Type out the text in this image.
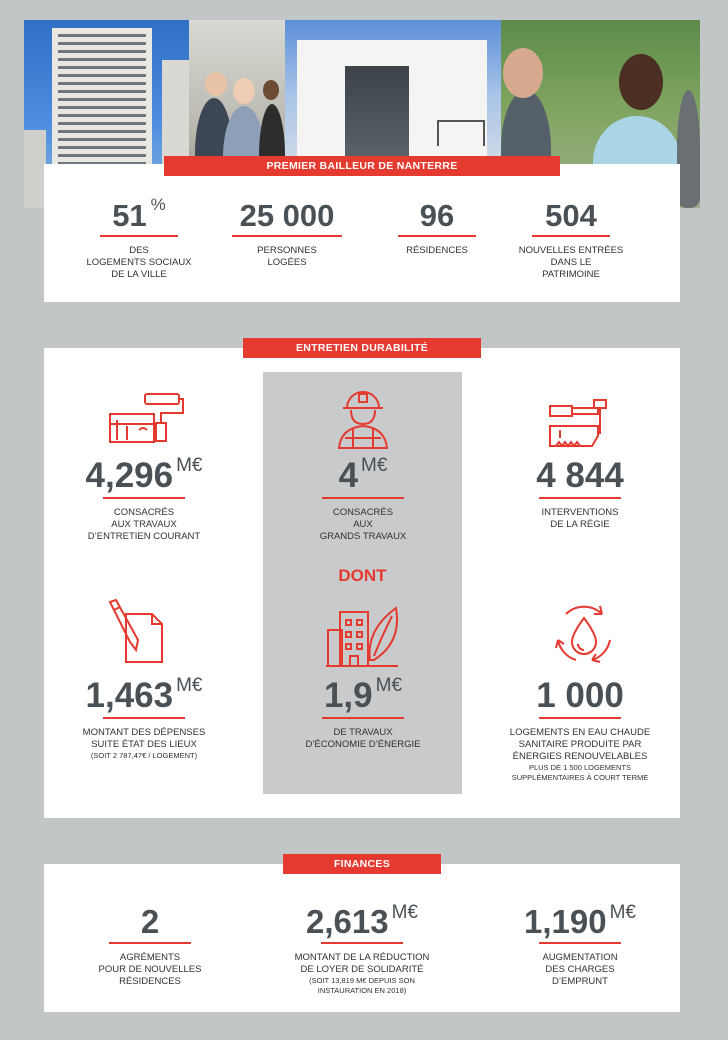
PREMIER BAILLEUR DE NANTERRE
51 %
DES
LOGEMENTS SOCIAUX
DE LA VILLE
25 000
PERSONNES
LOGÉES
96
RÉSIDENCES
504
NOUVELLES ENTRÉES
DANS LE
PATRIMOINE
ENTRETIEN DURABILITÉ
4,296 $^{M€}$
CONSACRÉS
AUX TRAVAUX
D’ENTRETIEN COURANT
4 $^{M€}$
CONSACRÉS
AUX
GRANDS TRAVAUX
4 844
INTERVENTIONS
DE LA RÉGIE
DONT
1,463 $^{M€}$
MONTANT DES DÉPENSES
SUITE ÉTAT DES LIEUX
(SOIT 2 787,47€ / LOGEMENT)
1,9 $^{M€}$
DE TRAVAUX
D’ÉCONOMIE D’ÉNERGIE
1 000
LOGEMENTS EN EAU CHAUDE
SANITAIRE PRODUITE PAR
ÉNERGIES RENOUVELABLES
PLUS DE 1 500 LOGEMENTS
SUPPLÉMENTAIRES À COURT TERME
FINANCES
2
AGRÉMENTS
POUR DE NOUVELLES
RÉSIDENCES
2,613 $^{M€}$
MONTANT DE LA RÉDUCTION
DE LOYER DE SOLIDARITÉ
(SOIT 13,819 M€ DEPUIS SON
INSTAURATION EN 2018)
1,190 $^{M€}$
AUGMENTATION
DES CHARGES
D’EMPRUNT
